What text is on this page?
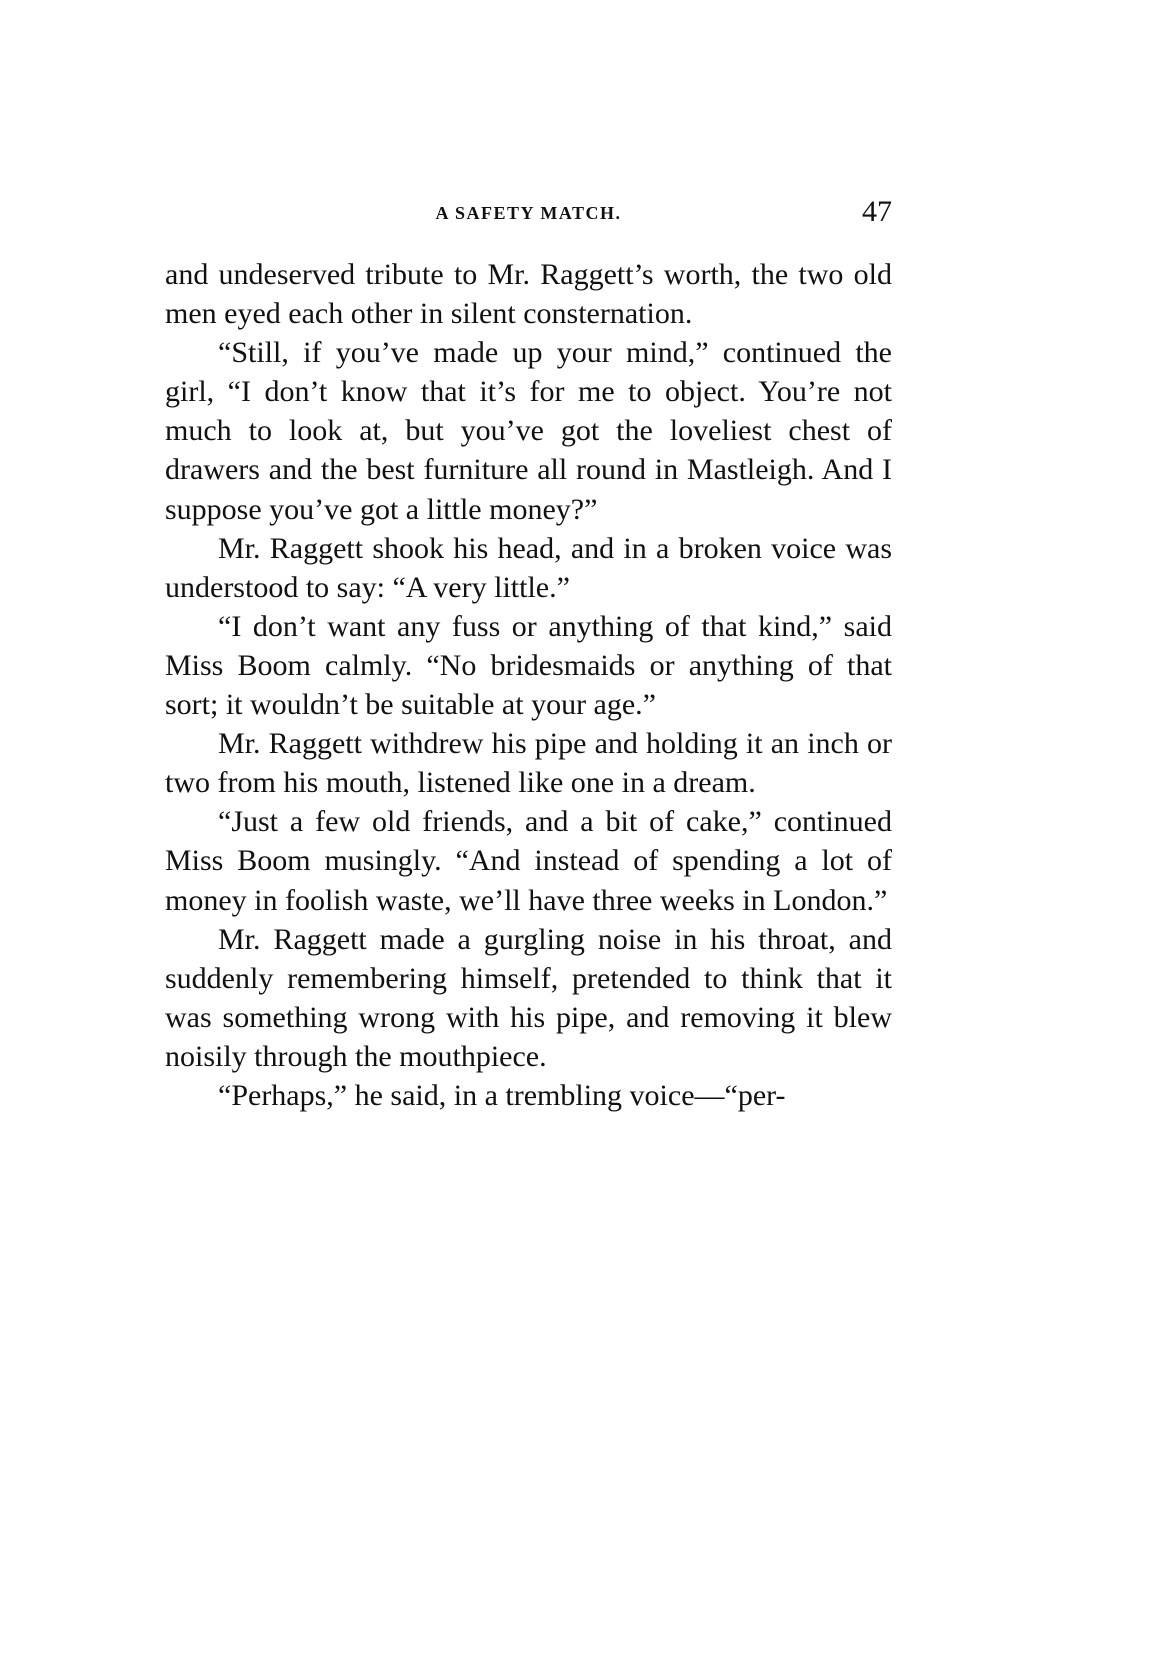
A SAFETY MATCH.	47

and undeserved tribute to Mr. Raggett’s worth, the two old men eyed each other in silent consternation.

“Still, if you’ve made up your mind,” continued the girl, “I don’t know that it’s for me to object. You’re not much to look at, but you’ve got the loveliest chest of drawers and the best furniture all round in Mastleigh. And I suppose you’ve got a little money?”

Mr. Raggett shook his head, and in a broken voice was understood to say: “A very little.”

“I don’t want any fuss or anything of that kind,” said Miss Boom calmly. “No bridesmaids or anything of that sort; it wouldn’t be suitable at your age.”

Mr. Raggett withdrew his pipe and holding it an inch or two from his mouth, listened like one in a dream.

“Just a few old friends, and a bit of cake,” continued Miss Boom musingly. “And instead of spending a lot of money in foolish waste, we’ll have three weeks in London.”

Mr. Raggett made a gurgling noise in his throat, and suddenly remembering himself, pretended to think that it was something wrong with his pipe, and removing it blew noisily through the mouthpiece.

“Perhaps,” he said, in a trembling voice—“per-
